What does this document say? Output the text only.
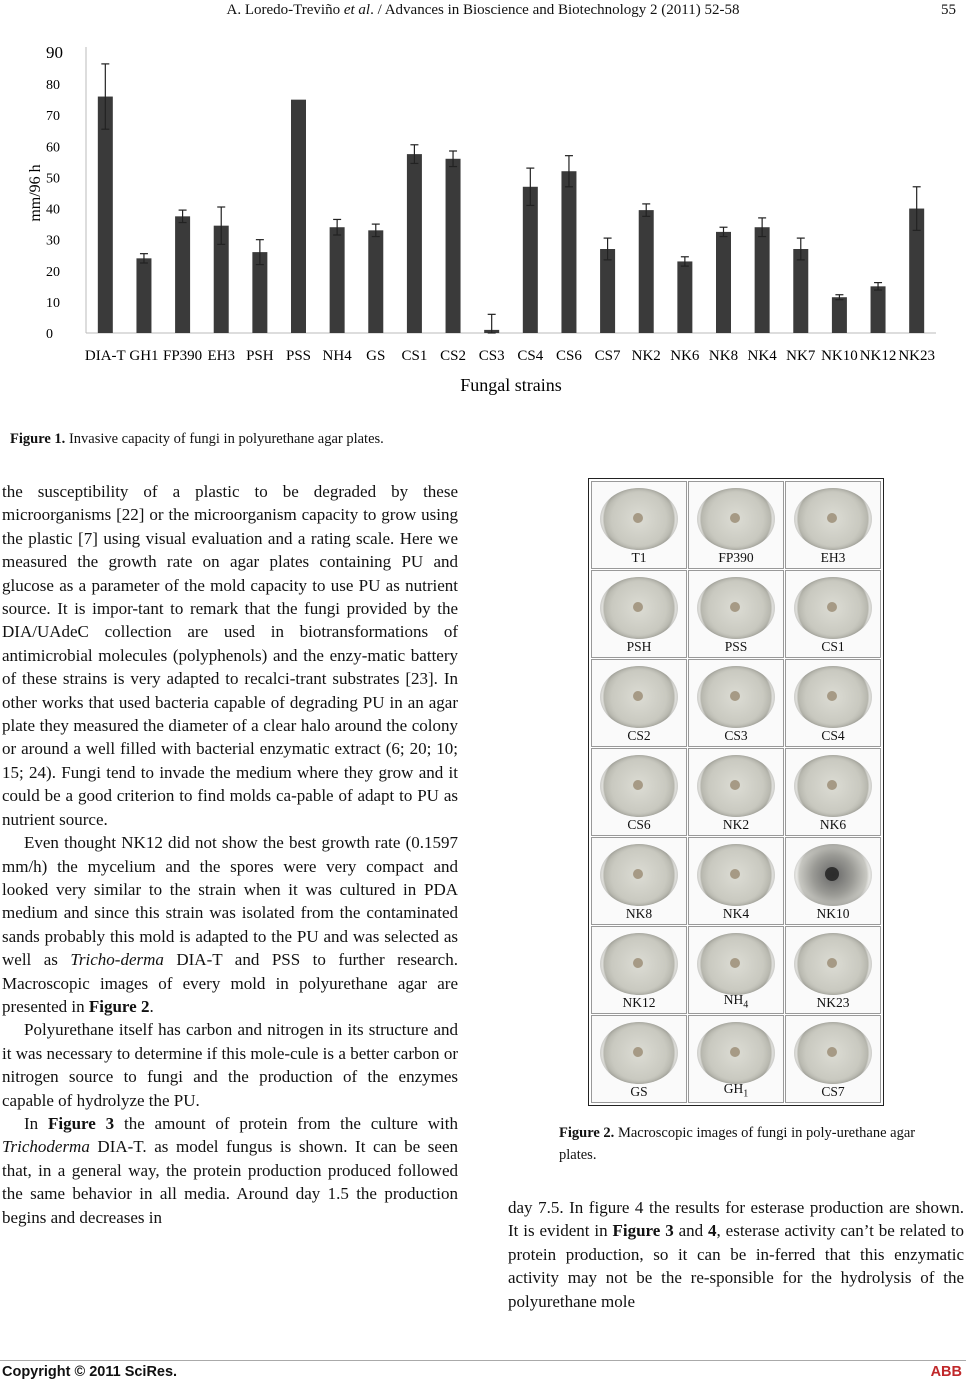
A. Loredo-Treviño et al. / Advances in Bioscience and Biotechnology 2 (2011) 52-58	55
0
10
20
30
40
50
60
70
80
90
DIA-T GH1 FP390 EH3 PSH PSS NH4 GS CS1 CS2 CS3 CS4 CS6 CS7 NK2 NK6 NK8 NK4 NK7 NK10 NK12 NK23
mm/96 h
Fungal strains
Figure 1. Invasive capacity of fungi in polyurethane agar plates.

the susceptibility of a plastic to be degraded by these microorganisms [22] or the microorganism capacity to grow using the plastic [7] using visual evaluation and a rating scale. Here we measured the growth rate on agar plates containing PU and glucose as a parameter of the mold capacity to use PU as nutrient source. It is impor-tant to remark that the fungi provided by the DIA/UAdeC collection are used in biotransformations of antimicrobial molecules (polyphenols) and the enzy-matic battery of these strains is very adapted to recalci-trant substrates [23]. In other works that used bacteria capable of degrading PU in an agar plate they measured the diameter of a clear halo around the colony or around a well filled with bacterial enzymatic extract (6; 20; 10; 15; 24). Fungi tend to invade the medium where they grow and it could be a good criterion to find molds ca-pable of adapt to PU as nutrient source.

Even thought NK12 did not show the best growth rate (0.1597 mm/h) the mycelium and the spores were very compact and looked very similar to the strain when it was cultured in PDA medium and since this strain was isolated from the contaminated sands probably this mold is adapted to the PU and was selected as well as Tricho-derma DIA-T and PSS to further research. Macroscopic images of every mold in polyurethane agar are presented in Figure 2.

Polyurethane itself has carbon and nitrogen in its structure and it was necessary to determine if this mole-cule is a better carbon or nitrogen source to fungi and the production of the enzymes capable of hydrolyze the PU.

In Figure 3 the amount of protein from the culture with Trichoderma DIA-T. as model fungus is shown. It can be seen that, in a general way, the protein production produced followed the same behavior in all media. Around day 1.5 the production begins and decreases in

T1	FP390	EH3
PSH	PSS	CS1
CS2	CS3	CS4
CS6	NK2	NK6
NK8	NK4	NK10
NK12	$NH_4$	NK23
GS	$GH_1$	CS7
Figure 2. Macroscopic images of fungi in poly-urethane agar plates.

day 7.5. In figure 4 the results for esterase production are shown. It is evident in Figure 3 and 4, esterase activity can’t be related to protein production, so it can be in-ferred that this enzymatic activity may not be the re-sponsible for the hydrolysis of the polyurethane mole

Copyright © 2011 SciRes.	ABB
